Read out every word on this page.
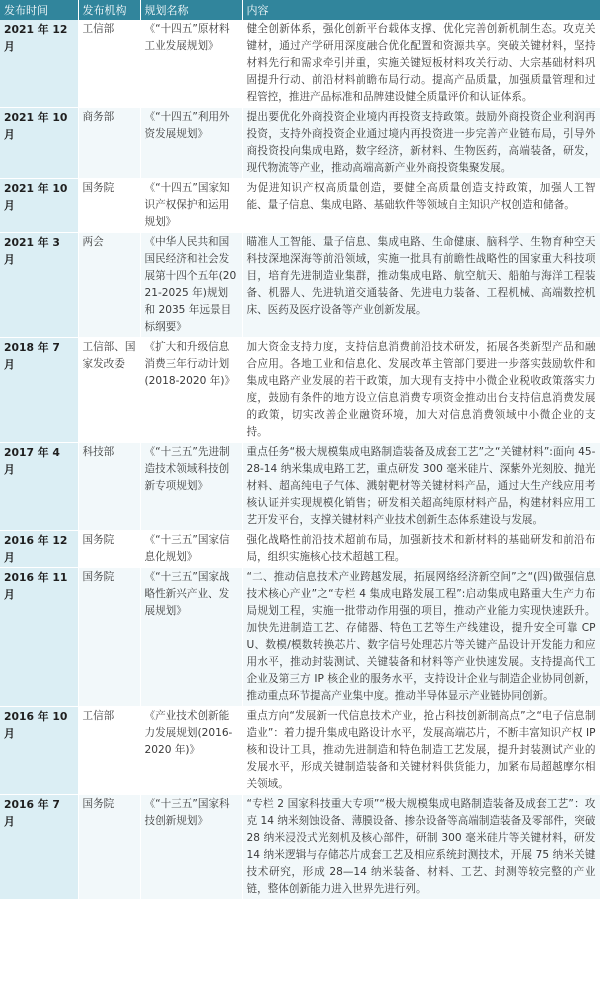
发布时间	发布机构	规划名称	内容
2021 年 12 月	工信部	《“十四五”原材料工业发展规划》	健全创新体系，强化创新平台载体支撑、优化完善创新机制生态。攻克关键材，通过产学研用深度融合优化配置和资源共享。突破关键材料，坚持材料先行和需求牵引并重，实施关键短板材料攻关行动、大宗基础材料巩固提升行动、前沿材料前瞻布局行动。提高产品质量，加强质量管理和过程管控，推进产品标准和品牌建设健全质量评价和认证体系。
2021 年 10 月	商务部	《“十四五”利用外资发展规划》	提出要优化外商投资企业境内再投资支持政策。鼓励外商投资企业利润再投资，支持外商投资企业通过境内再投资进一步完善产业链布局，引导外商投资投向集成电路，数字经济，新材料、生物医药，高端装备，研发，现代物流等产业，推动高端高新产业外商投资集聚发展。
2021 年 10 月	国务院	《“十四五”国家知识产权保护和运用规划》	为促进知识产权高质量创造，要健全高质量创造支持政策，加强人工智能、量子信息、集成电路、基础软件等领域自主知识产权创造和储备。
2021 年 3 月	两会	《中华人民共和国国民经济和社会发展第十四个五年(2021-2025 年)规划和 2035 年远景目标纲要》	瞄准人工智能、量子信息、集成电路、生命健康、脑科学、生物育种空天科技深地深海等前沿领域，实施一批具有前瞻性战略性的国家重大科技项目，培育先进制造业集群，推动集成电路、航空航天、船舶与海洋工程装备、机器人、先进轨道交通装备、先进电力装备、工程机械、高端数控机床、医药及医疗设备等产业创新发展。
2018 年 7 月	工信部、国家发改委	《扩大和升级信息消费三年行动计划(2018-2020 年)》	加大资金支持力度，支持信息消费前沿技术研发，拓展各类新型产品和融合应用。各地工业和信息化、发展改革主管部门要进一步落实鼓励软件和集成电路产业发展的若干政策，加大现有支持中小微企业税收政策落实力度，鼓励有条件的地方设立信息消费专项资金推动出台支持信息消费发展的政策，切实改善企业融资环境，加大对信息消费领域中小微企业的支持。
2017 年 4 月	科技部	《“十三五”先进制造技术领域科技创新专项规划》	重点任务“极大规模集成电路制造装备及成套工艺”之“关键材料”:面向 45-28-14 纳米集成电路工艺，重点研发 300 毫米硅片、深紫外光刻胶、抛光材料、超高纯电子气体、溅射靶材等关键材料产品，通过大生产线应用考核认证并实现规模化销售；研发相关超高纯原材料产品，构建材料应用工艺开发平台，支撑关键材料产业技术创新生态体系建设与发展。
2016 年 12 月	国务院	《“十三五”国家信息化规划》	强化战略性前沿技术超前布局，加强新技术和新材料的基础研发和前沿布局，组织实施核心技术超越工程。
2016 年 11 月	国务院	《“十三五”国家战略性新兴产业、发展规划》	“二、推动信息技术产业跨越发展，拓展网络经济新空间”之“(四)做强信息技术核心产业”之“专栏 4 集成电路发展工程”:启动集成电路重大生产力布局规划工程，实施一批带动作用强的项目，推动产业能力实现快速跃升。加快先进制造工艺、存储器、特色工艺等生产线建设，提升安全可靠 CPU、数模/模数转换芯片、数字信号处理芯片等关键产品设计开发能力和应用水平，推动封装测试、关键装备和材料等产业快速发展。支持提高代工企业及第三方 IP 核企业的服务水平，支持设计企业与制造企业协同创新，推动重点环节提高产业集中度。推动半导体显示产业链协同创新。
2016 年 10 月	工信部	《产业技术创新能力发展规划(2016-2020 年)》	重点方向“发展新一代信息技术产业，抢占科技创新制高点”之“电子信息制造业”：着力提升集成电路设计水平，发展高端芯片，不断丰富知识产权 IP 核和设计工具，推动先进制造和特色制造工艺发展，提升封装测试产业的发展水平，形成关键制造装备和关键材料供货能力，加紧布局超越摩尔相关领域。
2016 年 7 月	国务院	《“十三五”国家科技创新规划》	“专栏 2 国家科技重大专项”“极大规模集成电路制造装备及成套工艺”：攻克 14 纳米刻蚀设备、薄膜设备、掺杂设备等高端制造装备及零部件，突破 28 纳米浸没式光刻机及核心部件，研制 300 毫米硅片等关键材料，研发 14 纳米逻辑与存储芯片成套工艺及相应系统封测技术，开展 75 纳米关键技术研究，形成 28—14 纳米装备、材料、工艺、封测等较完整的产业链，整体创新能力进入世界先进行列。
